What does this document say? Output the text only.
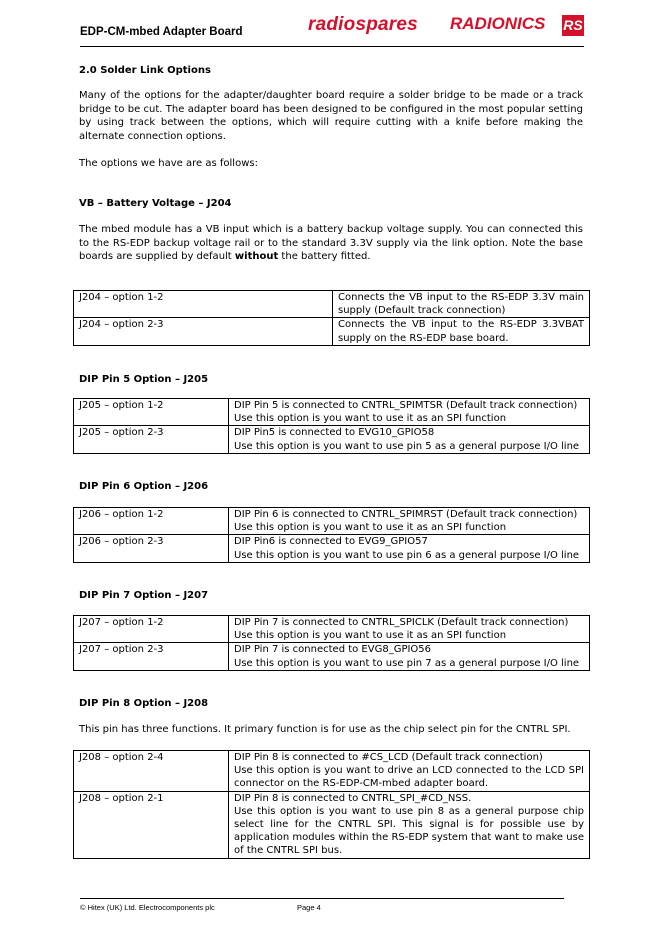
EDP-CM-mbed Adapter Board	radiospares RADIONICS RS
2.0 Solder Link Options
Many of the options for the adapter/daughter board require a solder bridge to be made or a track bridge to be cut. The adapter board has been designed to be configured in the most popular setting by using track between the options, which will require cutting with a knife before making the alternate connection options.
The options we have are as follows:
VB – Battery Voltage – J204
The mbed module has a VB input which is a battery backup voltage supply. You can connected this to the RS-EDP backup voltage rail or to the standard 3.3V supply via the link option. Note the base boards are supplied by default without the battery fitted.
DIP Pin 5 Option – J205
DIP Pin 6 Option – J206
DIP Pin 7 Option – J207
DIP Pin 8 Option – J208
This pin has three functions. It primary function is for use as the chip select pin for the CNTRL SPI.
J204 – option 1-2	Connects the VB input to the RS-EDP 3.3V main supply (Default track connection)
J204 – option 2-3	Connects the VB input to the RS-EDP 3.3VBAT supply on the RS-EDP base board.
J205 – option 1-2	DIP Pin 5 is connected to CNTRL_SPIMTSR (Default track connection)
Use this option is you want to use it as an SPI function

J205 – option 2-3	DIP Pin5 is connected to EVG10_GPIO58
Use this option is you want to use pin 5 as a general purpose I/O line
J206 – option 1-2	DIP Pin 6 is connected to CNTRL_SPIMRST (Default track connection)
Use this option is you want to use it as an SPI function

J206 – option 2-3	DIP Pin6 is connected to EVG9_GPIO57
Use this option is you want to use pin 6 as a general purpose I/O line
J207 – option 1-2	DIP Pin 7 is connected to CNTRL_SPICLK (Default track connection)
Use this option is you want to use it as an SPI function

J207 – option 2-3	DIP Pin 7 is connected to EVG8_GPIO56
Use this option is you want to use pin 7 as a general purpose I/O line
J208 – option 2-4	DIP Pin 8 is connected to #CS_LCD (Default track connection)
Use this option is you want to drive an LCD connected to the LCD SPI connector on the RS-EDP-CM-mbed adapter board.

J208 – option 2-1	DIP Pin 8 is connected to CNTRL_SPI_#CD_NSS.
Use this option is you want to use pin 8 as a general purpose chip select line for the CNTRL SPI. This signal is for possible use by application modules within the RS-EDP system that want to make use of the CNTRL SPI bus.
© Hitex (UK) Ltd. Electrocomponents plc	Page 4
